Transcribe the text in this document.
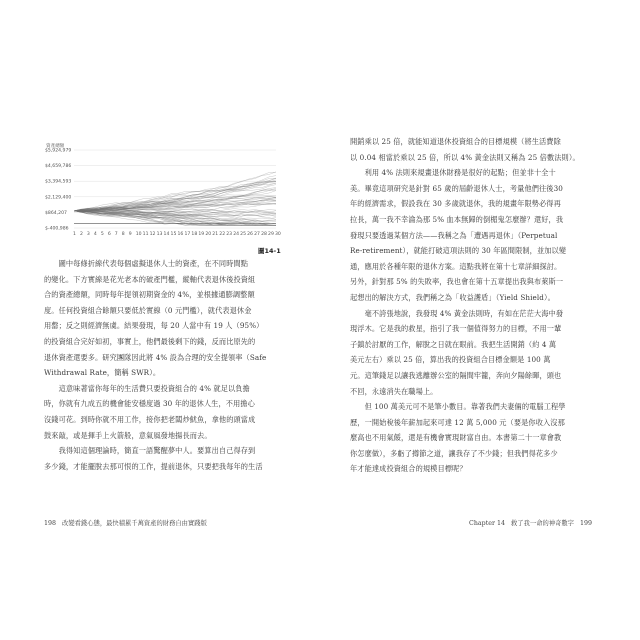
資產總額
$5,924,979
$4,659,786
$3,394,593
$2,129,400
$864,207
$-400,986
1 2 3 4 5 6 7 8 9 10 11 12 13 14 15 16 17 18 19 20 21 22 23 24 25 26 27 28 29 30
圖14-1

　　圖中每條折線代表每個虛擬退休人士的資產，在不同時間點

的變化。下方實線是花光老本的破產門檻，縱軸代表退休後投資組

合的資產總額，同時每年提領初期資金的 4%，並根據通膨調整額

度。任何投資組合餘額只要低於實線（0 元門檻），就代表退休金

用罄；反之則經濟無虞。結果發現，每 20 人當中有 19 人（95%）

的投資組合完好如初，事實上，他們最後剩下的錢，反而比原先的

退休資產還要多。研究團隊因此將 4% 設為合理的安全提領率（Safe

Withdrawal Rate，簡稱 SWR）。

　　這意味著當你每年的生活費只要投資組合的 4% 就足以負擔

時，你就有九成五的機會能安穩度過 30 年的退休人生，不用擔心

沒錢可花。到時你就不用工作，接你把老闆炒魷魚，拿他的頭當成

鼓來敲，或是揮手上火箭般，意氣風發地揚長而去。

　　我得知這個理論時，簡直一語驚醒夢中人。要算出自己得存到

多少錢，才能擺脫去那可恨的工作，提前退休，只要把我每年的生活

198 改變看錢心態，最快積累千萬資產的財務自由實踐版

開銷乘以 25 倍，就能知道退休投資組合的目標規模（將生活費除

以 0.04 相當於乘以 25 倍，所以 4% 黃金法則又稱為 25 倍數法則）。

　　利用 4% 法則來規畫退休財務是很好的起點；但並非十全十

美。畢竟這項研究是針對 65 歲的屆齡退休人士，考量他們往後30

年的經濟需求，假設我在 30 多歲就退休，我的規畫年限勢必得再

拉長，萬一我不幸淪為那 5% 血本無歸的倒楣鬼怎麼辦？還好，我

發現只要透過某個方法——我稱之為「遭遇再退休」（Perpetual

Re-retirement），就能打破這項法則的 30 年區間限制，並加以變

通，應用於各種年限的退休方案。這點我將在第十七章詳細探討。

另外，針對那 5% 的失敗率，我也會在第十五章提出我與布萊斯一

起想出的解決方式，我們稱之為「收益護盾」（Yield Shield）。

　　毫不誇張地說，我發現 4% 黃金法則時，有如在茫茫大海中發

現浮木。它是我的救星，指引了我一個值得努力的目標，不用一輩

子鎮於討厭的工作，解脫之日就在眼前。我把生活開銷（約 4 萬

美元左右）乘以 25 倍，算出我的投資組合目標金額是 100 萬

元。這筆錢足以讓我逃離辦公室的隔間牢籠，奔向夕陽餘暉，頭也

不回，永遠消失在職場上。

　　但 100 萬美元可不是筆小數目。靠著我們夫妻倆的電腦工程學

歷，一開始稅後年薪加起來可達 12 萬 5,000 元（要是你收入沒那

麼高也不用氣餒，還是有機會實現財富自由。本書第二十一章會教

你怎麼做），多虧了撙節之道，讓我存了不少錢；但我們得花多少

年才能達成投資組合的規模目標呢？

Chapter 14 救了我一命的神奇數字 199
